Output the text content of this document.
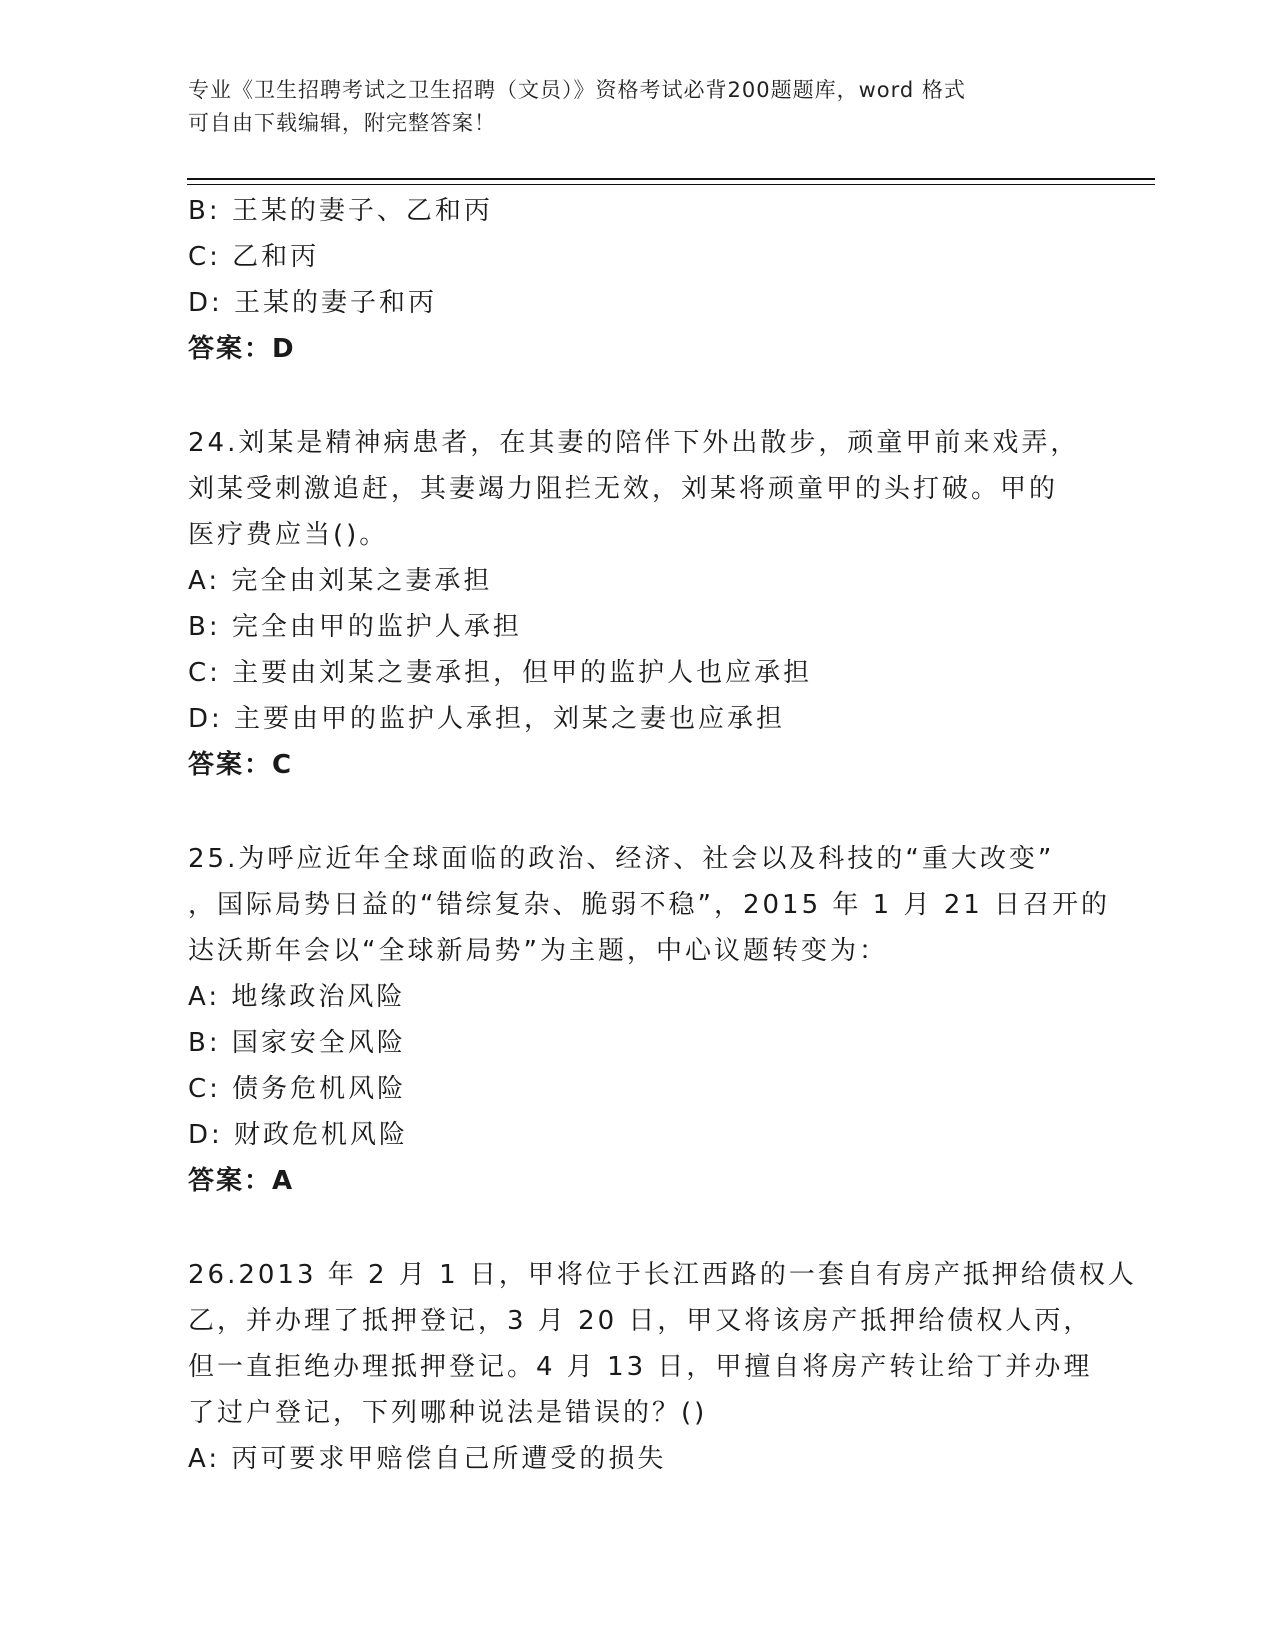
专业《卫生招聘考试之卫生招聘（文员）》资格考试必背200题题库，word 格式
可自由下载编辑，附完整答案！
B: 王某的妻子、乙和丙
C: 乙和丙
D: 王某的妻子和丙
答案：D
24.刘某是精神病患者，在其妻的陪伴下外出散步，顽童甲前来戏弄，
刘某受刺激追赶，其妻竭力阻拦无效，刘某将顽童甲的头打破。甲的
医疗费应当()。
A: 完全由刘某之妻承担
B: 完全由甲的监护人承担
C: 主要由刘某之妻承担，但甲的监护人也应承担
D: 主要由甲的监护人承担，刘某之妻也应承担
答案：C
25.为呼应近年全球面临的政治、经济、社会以及科技的“重大改变”
，国际局势日益的“错综复杂、脆弱不稳”，2015 年 1 月 21 日召开的
达沃斯年会以“全球新局势”为主题，中心议题转变为：
A: 地缘政治风险
B: 国家安全风险
C: 债务危机风险
D: 财政危机风险
答案：A
26.2013 年 2 月 1 日，甲将位于长江西路的一套自有房产抵押给债权人
乙，并办理了抵押登记，3 月 20 日，甲又将该房产抵押给债权人丙，
但一直拒绝办理抵押登记。4 月 13 日，甲擅自将房产转让给丁并办理
了过户登记，下列哪种说法是错误的？()
A: 丙可要求甲赔偿自己所遭受的损失
